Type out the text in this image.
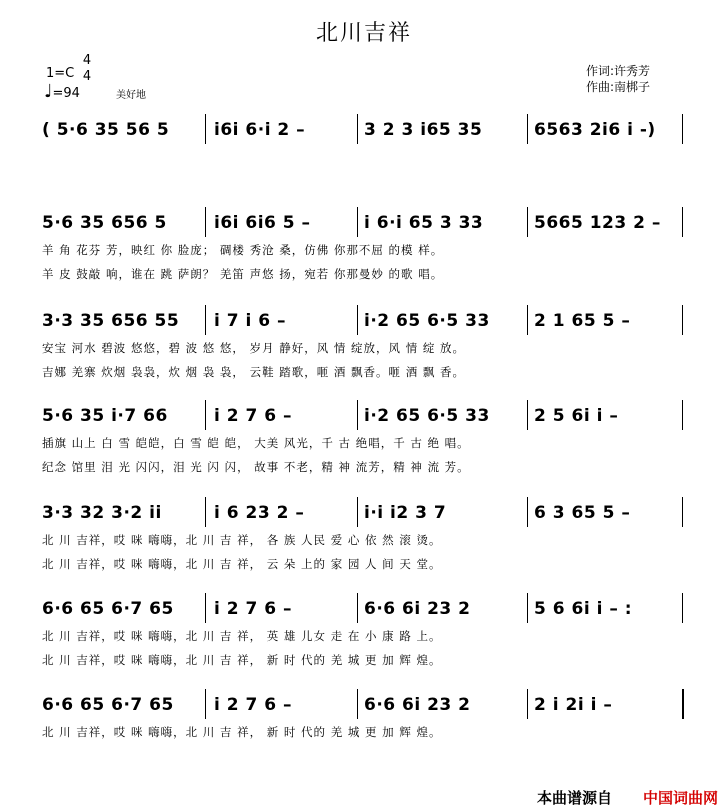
北川吉祥
1=C
4
4
♩=94	美好地
作词:许秀芳
作曲:南梆子
( 5·6 35 56 5	i6i 6·i 2 –	3 2 3 i65 35	6563 2i6 i -)
5·6 35 656 5	i6i 6i6 5 –	i 6·i 65 3 33	5665 123 2 –
羊 角 花芬 芳，映红 你 脸庞； 碉楼 秀沧 桑，仿佛 你那不屈 的模 样。
羊 皮 鼓敲 响，谁在 跳 萨朗？ 羌笛 声悠 扬，宛若 你那曼妙 的歌 唱。
3·3 35 656 55 i 7 i 6 –	i·2 65 6·5 33	2 1 65 5 –
安宝 河水 碧波 悠悠，碧 波 悠 悠， 岁月 静好，风 情 绽放，风 情 绽 放。
吉娜 羌寨 炊烟 袅袅，炊 烟 袅 袅， 云鞋 踏歌，咂 酒 飘香。咂 酒 飘 香。
5·6 35 i·7 66	i 2 7 6 –	i·2 65 6·5 33	2 5 6i i –
插旗 山上 白 雪 皑皑，白 雪 皑 皑， 大美 风光，千 古 绝唱，千 古 绝 唱。
纪念 馆里 泪 光 闪闪，泪 光 闪 闪， 故事 不老，精 神 流芳，精 神 流 芳。
3·3 32 3·2 ii	i 6 23 2 –	i·i i2 3 7	6 3 65 5 –
北 川 吉祥，哎 咪 嗨嗨，北 川 吉 祥， 各 族 人民 爱 心 依 然 滚 烫。
北 川 吉祥，哎 咪 嗨嗨，北 川 吉 祥， 云 朵 上的 家 园 人 间 天 堂。
6·6 65 6·7 65 i 2 7 6 –	6·6 6i 23 2	5 6 6i i – :
北 川 吉祥，哎 咪 嗨嗨，北 川 吉 祥， 英 雄 儿女 走 在 小 康 路 上。
北 川 吉祥，哎 咪 嗨嗨，北 川 吉 祥， 新 时 代的 羌 城 更 加 辉 煌。
6·6 65 6·7 65 i 2 7 6 –	6·6 6i 23 2	2 i 2i i –
北 川 吉祥，哎 咪 嗨嗨，北 川 吉 祥， 新 时 代的 羌 城 更 加 辉 煌。
本曲谱源自 中国词曲网
